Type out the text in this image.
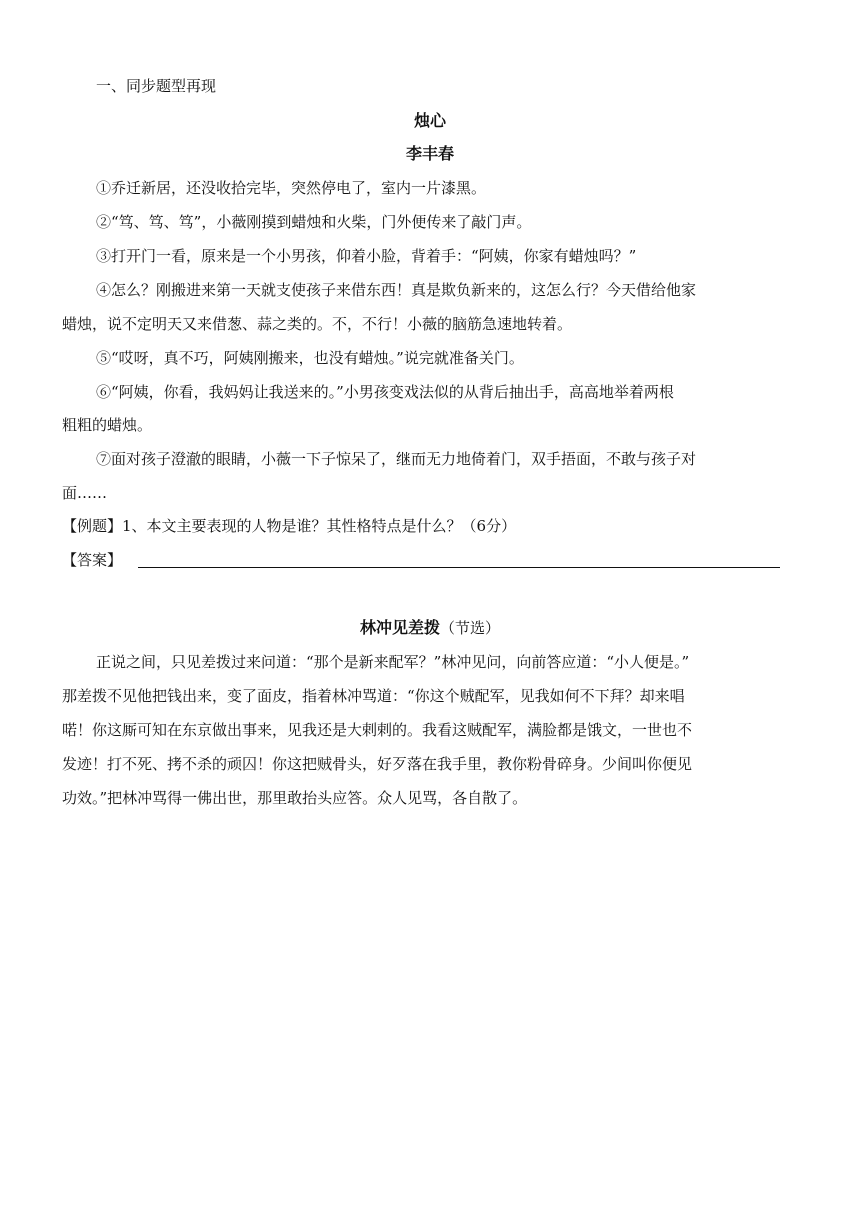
一、同步题型再现
烛心
李丰春
①乔迁新居，还没收拾完毕，突然停电了，室内一片漆黑。
②“笃、笃、笃”，小薇刚摸到蜡烛和火柴，门外便传来了敲门声。
③打开门一看，原来是一个小男孩，仰着小脸，背着手：“阿姨，你家有蜡烛吗？”
④怎么？刚搬进来第一天就支使孩子来借东西！真是欺负新来的，这怎么行？今天借给他家
蜡烛，说不定明天又来借葱、蒜之类的。不，不行！小薇的脑筋急速地转着。
⑤“哎呀，真不巧，阿姨刚搬来，也没有蜡烛。”说完就准备关门。
⑥“阿姨，你看，我妈妈让我送来的。”小男孩变戏法似的从背后抽出手，高高地举着两根
粗粗的蜡烛。
⑦面对孩子澄澈的眼睛，小薇一下子惊呆了，继而无力地倚着门，双手捂面，不敢与孩子对
面……
【例题】1、本文主要表现的人物是谁？其性格特点是什么？（6分）
【答案】
林冲见差拨（节选）
正说之间，只见差拨过来问道：“那个是新来配军？”林冲见问，向前答应道：“小人便是。”
那差拨不见他把钱出来，变了面皮，指着林冲骂道：“你这个贼配军，见我如何不下拜？却来唱
喏！你这厮可知在东京做出事来，见我还是大剌剌的。我看这贼配军，满脸都是饿文，一世也不
发迹！打不死、拷不杀的顽囚！你这把贼骨头，好歹落在我手里，教你粉骨碎身。少间叫你便见
功效。”把林冲骂得一佛出世，那里敢抬头应答。众人见骂，各自散了。
